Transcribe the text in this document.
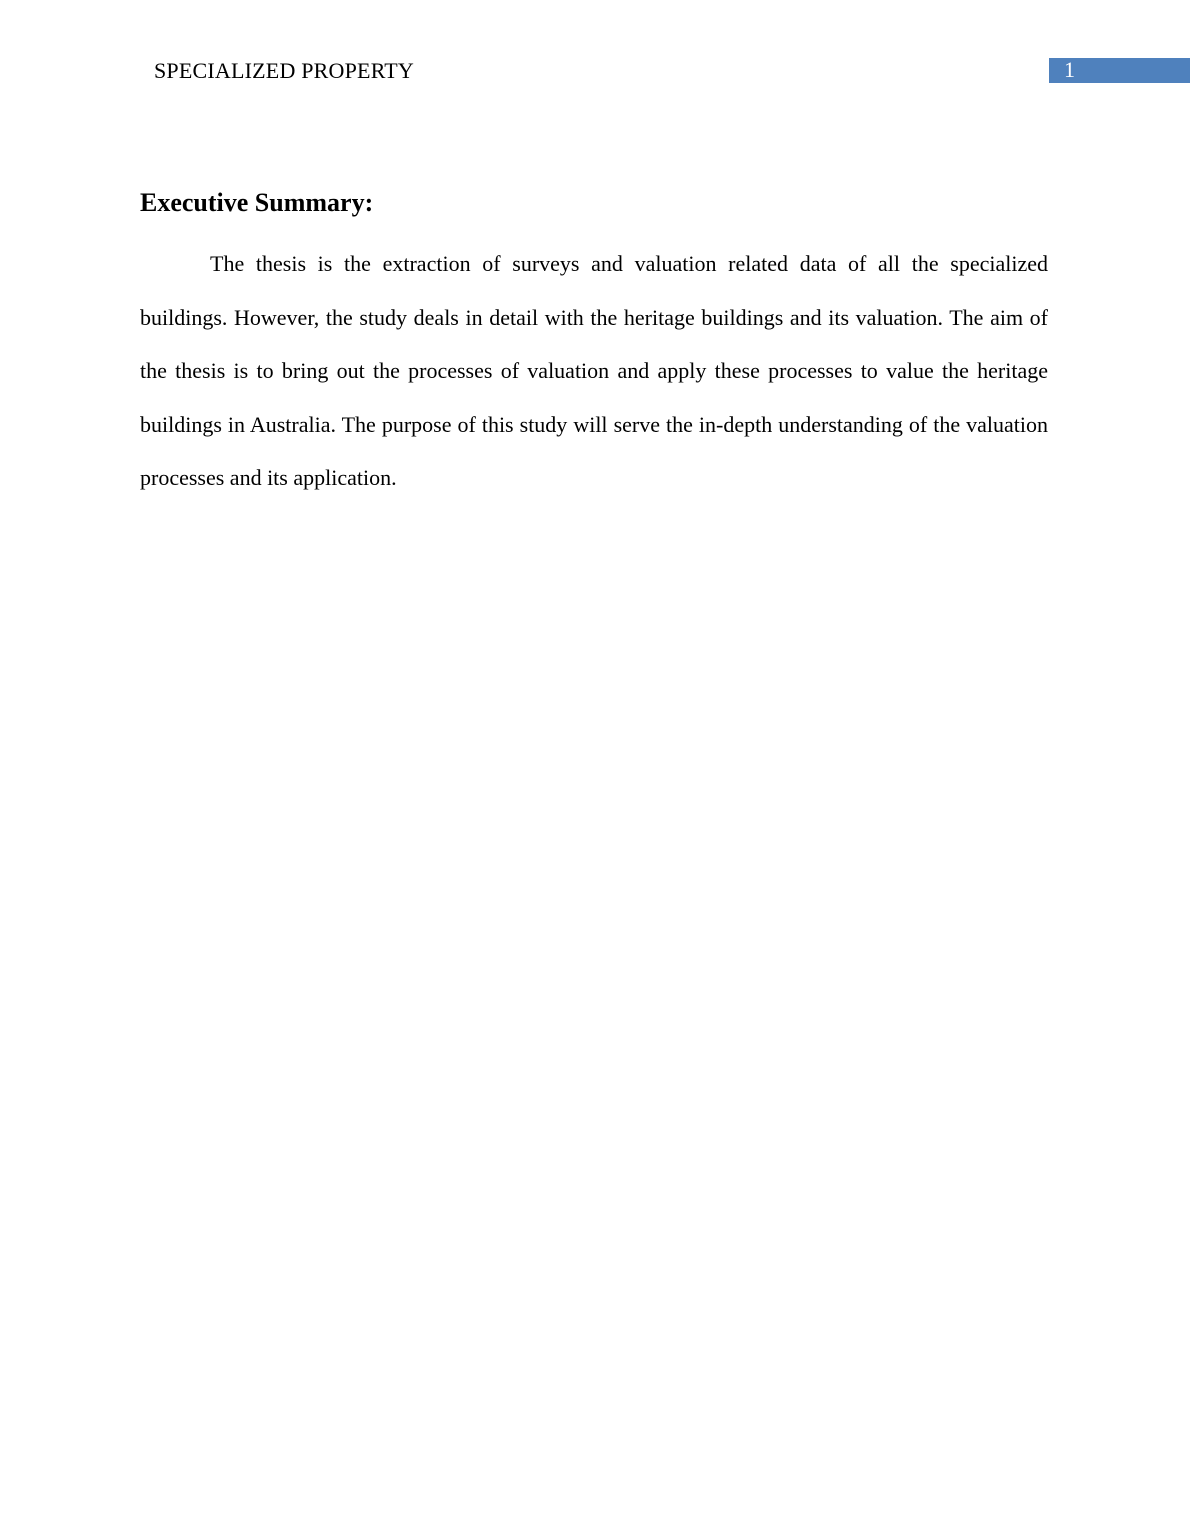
SPECIALIZED PROPERTY	1
Executive Summary:

The thesis is the extraction of surveys and valuation related data of all the specialized buildings. However, the study deals in detail with the heritage buildings and its valuation. The aim of the thesis is to bring out the processes of valuation and apply these processes to value the heritage buildings in Australia. The purpose of this study will serve the in-depth understanding of the valuation processes and its application.
